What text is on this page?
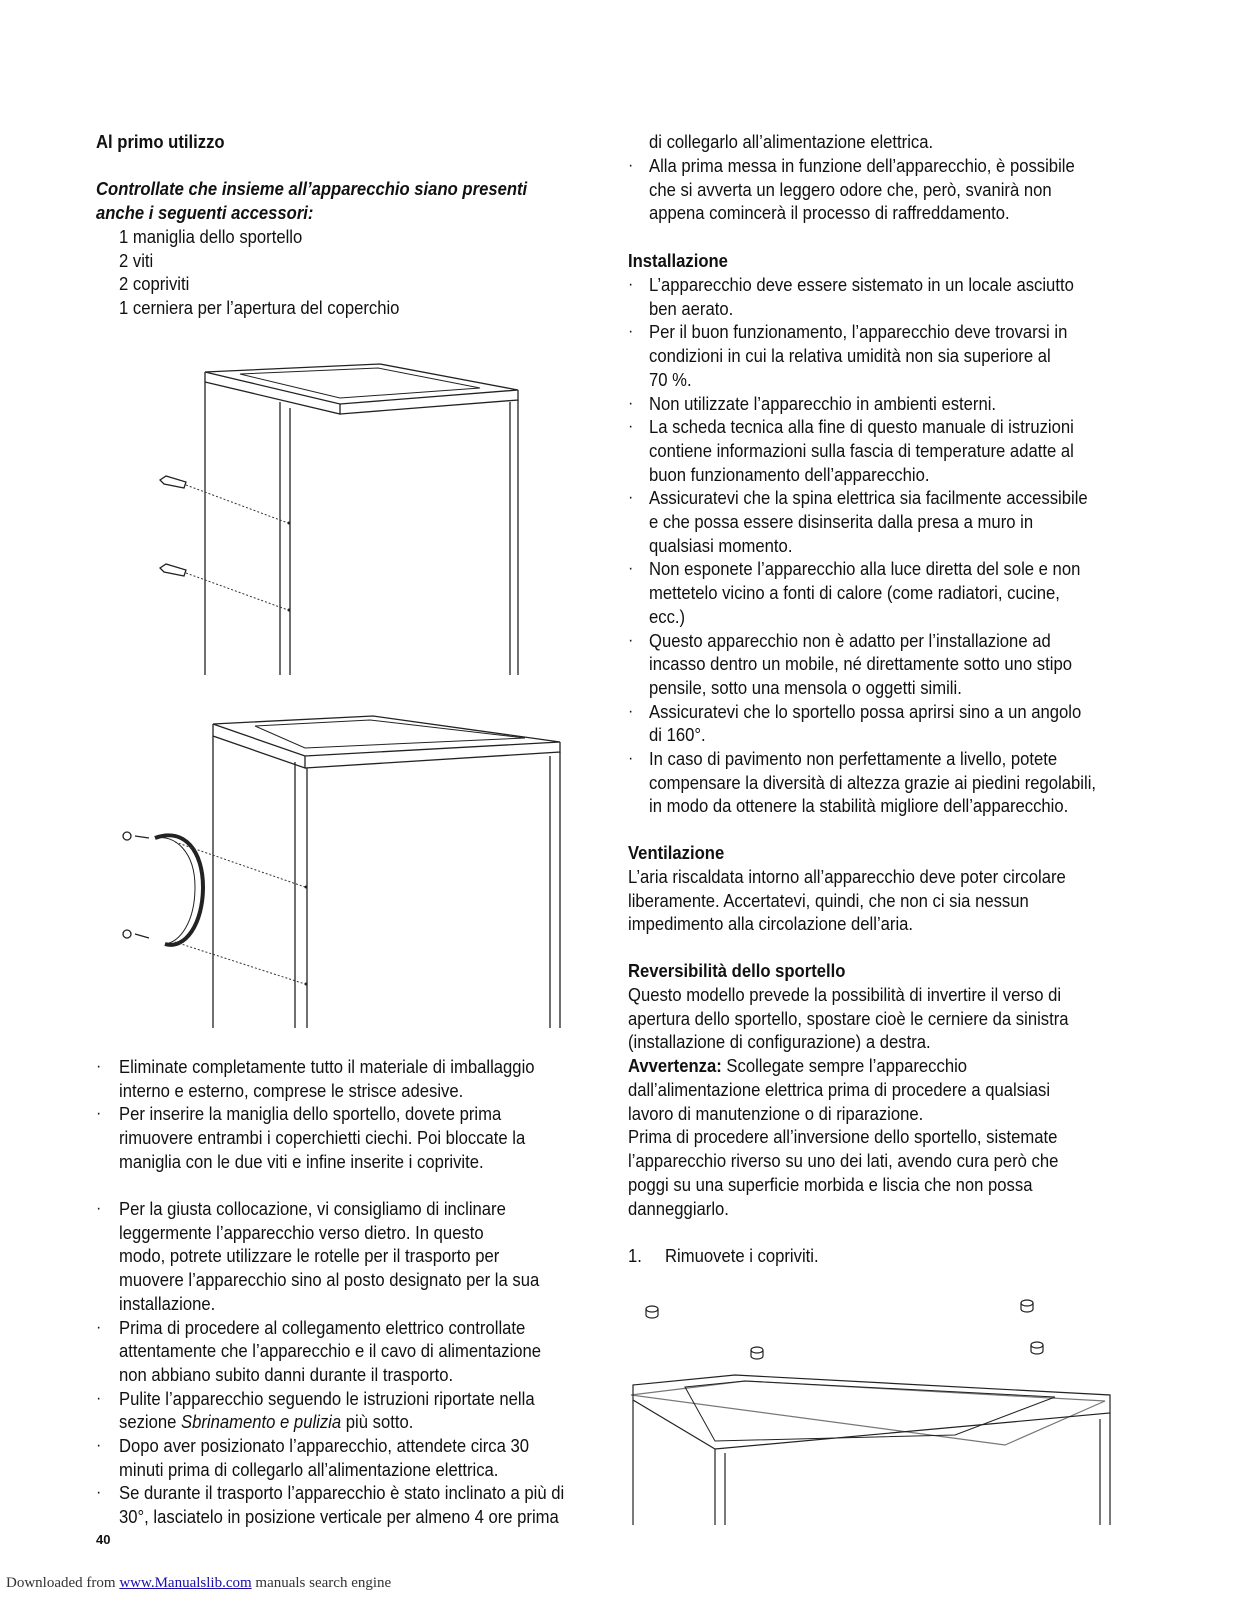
Al primo utilizzo
Controllate che insieme all’apparecchio siano presenti
anche i seguenti accessori:
1 maniglia dello sportello
2 viti
2 copriviti
1 cerniera per l’apertura del coperchio
· Eliminate completamente tutto il materiale di imballaggio
interno e esterno, comprese le strisce adesive.
· Per inserire la maniglia dello sportello, dovete prima
rimuovere entrambi i coperchietti ciechi. Poi bloccate la
maniglia con le due viti e infine inserite i coprivite.
· Per la giusta collocazione, vi consigliamo di inclinare
leggermente l’apparecchio verso dietro. In questo
modo, potrete utilizzare le rotelle per il trasporto per
muovere l’apparecchio sino al posto designato per la sua
installazione.
· Prima di procedere al collegamento elettrico controllate
attentamente che l’apparecchio e il cavo di alimentazione
non abbiano subito danni durante il trasporto.
· Pulite l’apparecchio seguendo le istruzioni riportate nella
sezione Sbrinamento e pulizia più sotto.
· Dopo aver posizionato l’apparecchio, attendete circa 30
minuti prima di collegarlo all’alimentazione elettrica.
· Se durante il trasporto l’apparecchio è stato inclinato a più di
30°, lasciatelo in posizione verticale per almeno 4 ore prima
di collegarlo all’alimentazione elettrica.
· Alla prima messa in funzione dell’apparecchio, è possibile
che si avverta un leggero odore che, però, svanirà non
appena comincerà il processo di raffreddamento.
Installazione
· L’apparecchio deve essere sistemato in un locale asciutto
ben aerato.
· Per il buon funzionamento, l’apparecchio deve trovarsi in
condizioni in cui la relativa umidità non sia superiore al
70 %.
· Non utilizzate l’apparecchio in ambienti esterni.
· La scheda tecnica alla fine di questo manuale di istruzioni
contiene informazioni sulla fascia di temperature adatte al
buon funzionamento dell’apparecchio.
· Assicuratevi che la spina elettrica sia facilmente accessibile
e che possa essere disinserita dalla presa a muro in
qualsiasi momento.
· Non esponete l’apparecchio alla luce diretta del sole e non
mettetelo vicino a fonti di calore (come radiatori, cucine,
ecc.)
· Questo apparecchio non è adatto per l’installazione ad
incasso dentro un mobile, né direttamente sotto uno stipo
pensile, sotto una mensola o oggetti simili.
· Assicuratevi che lo sportello possa aprirsi sino a un angolo
di 160°.
· In caso di pavimento non perfettamente a livello, potete
compensare la diversità di altezza grazie ai piedini regolabili,
in modo da ottenere la stabilità migliore dell’apparecchio.
Ventilazione
L’aria riscaldata intorno all’apparecchio deve poter circolare
liberamente. Accertatevi, quindi, che non ci sia nessun
impedimento alla circolazione dell’aria.
Reversibilità dello sportello
Questo modello prevede la possibilità di invertire il verso di
apertura dello sportello, spostare cioè le cerniere da sinistra
(installazione di configurazione) a destra.
Avvertenza: Scollegate sempre l’apparecchio
dall’alimentazione elettrica prima di procedere a qualsiasi
lavoro di manutenzione o di riparazione.
Prima di procedere all’inversione dello sportello, sistemate
l’apparecchio riverso su uno dei lati, avendo cura però che
poggi su una superficie morbida e liscia che non possa
danneggiarlo.
1. Rimuovete i copriviti.
40
Downloaded from www.Manualslib.com manuals search engine
